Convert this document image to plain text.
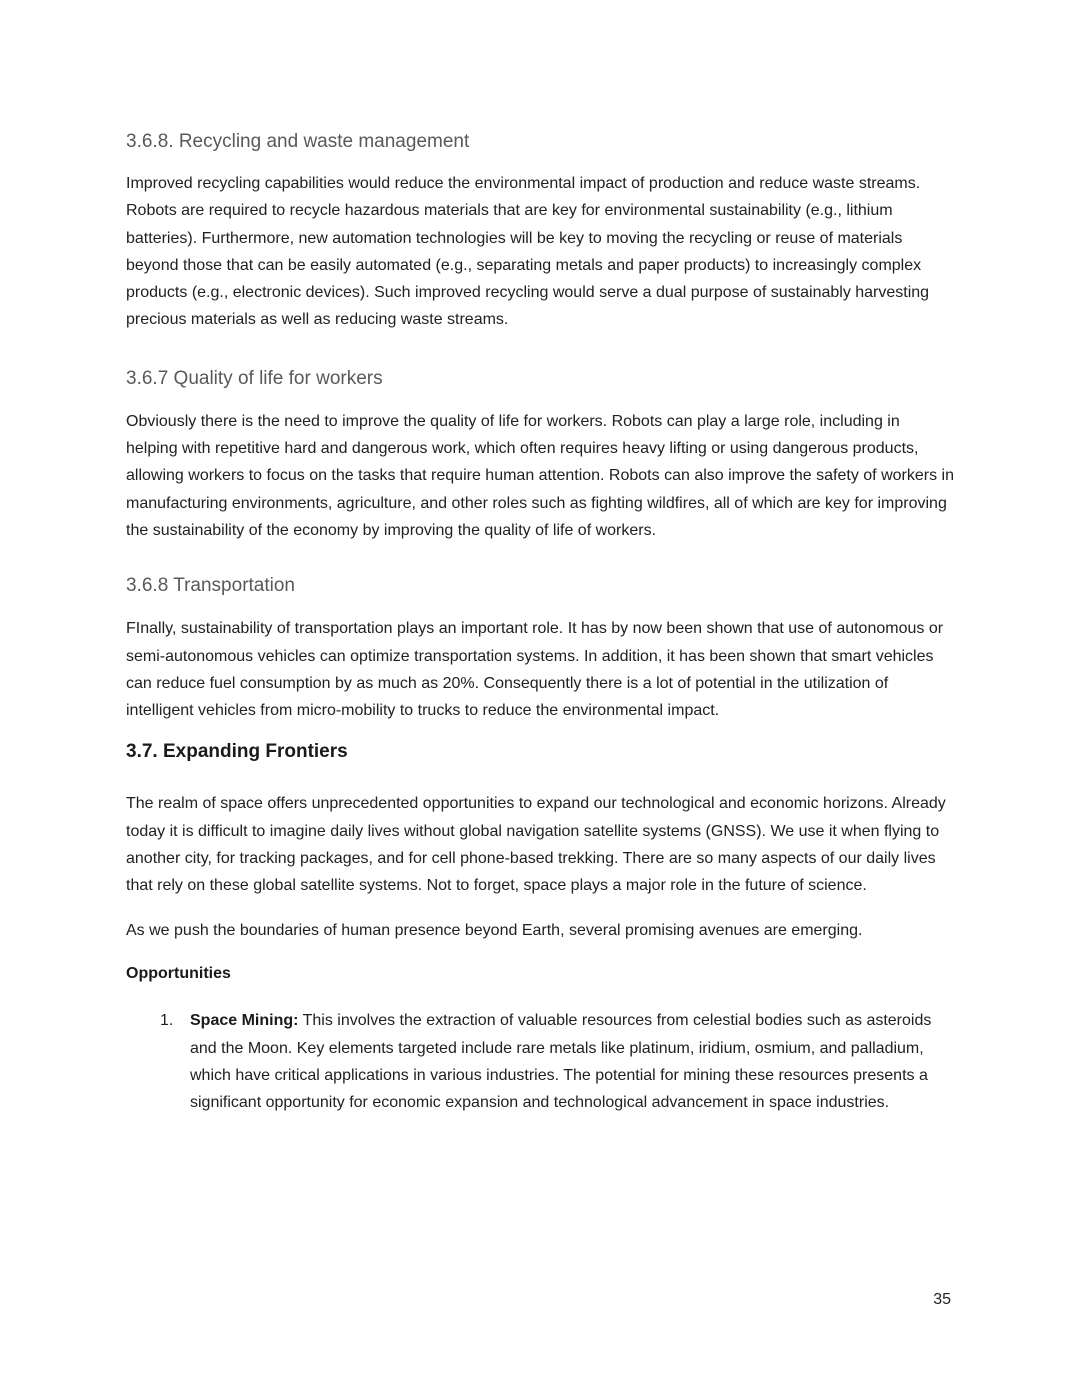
3.6.8. Recycling and waste management

Improved recycling capabilities would reduce the environmental impact of production and reduce waste streams. Robots are required to recycle hazardous materials that are key for environmental sustainability (e.g., lithium batteries). Furthermore, new automation technologies will be key to moving the recycling or reuse of materials beyond those that can be easily automated (e.g., separating metals and paper products) to increasingly complex products (e.g., electronic devices). Such improved recycling would serve a dual purpose of sustainably harvesting precious materials as well as reducing waste streams.

3.6.7 Quality of life for workers

Obviously there is the need to improve the quality of life for workers. Robots can play a large role, including in helping with repetitive hard and dangerous work, which often requires heavy lifting or using dangerous products, allowing workers to focus on the tasks that require human attention. Robots can also improve the safety of workers in manufacturing environments, agriculture, and other roles such as fighting wildfires, all of which are key for improving the sustainability of the economy by improving the quality of life of workers.

3.6.8 Transportation

FInally, sustainability of transportation plays an important role. It has by now been shown that use of autonomous or semi-autonomous vehicles can optimize transportation systems. In addition, it has been shown that smart vehicles can reduce fuel consumption by as much as 20%. Consequently there is a lot of potential in the utilization of intelligent vehicles from micro-mobility to trucks to reduce the environmental impact.

3.7. Expanding Frontiers

The realm of space offers unprecedented opportunities to expand our technological and economic horizons. Already today it is difficult to imagine daily lives without global navigation satellite systems (GNSS). We use it when flying to another city, for tracking packages, and for cell phone-based trekking. There are so many aspects of our daily lives that rely on these global satellite systems. Not to forget, space plays a major role in the future of science.

As we push the boundaries of human presence beyond Earth, several promising avenues are emerging.

Opportunities

1.	Space Mining: This involves the extraction of valuable resources from celestial bodies such as asteroids and the Moon. Key elements targeted include rare metals like platinum, iridium, osmium, and palladium, which have critical applications in various industries. The potential for mining these resources presents a significant opportunity for economic expansion and technological advancement in space industries.
35
